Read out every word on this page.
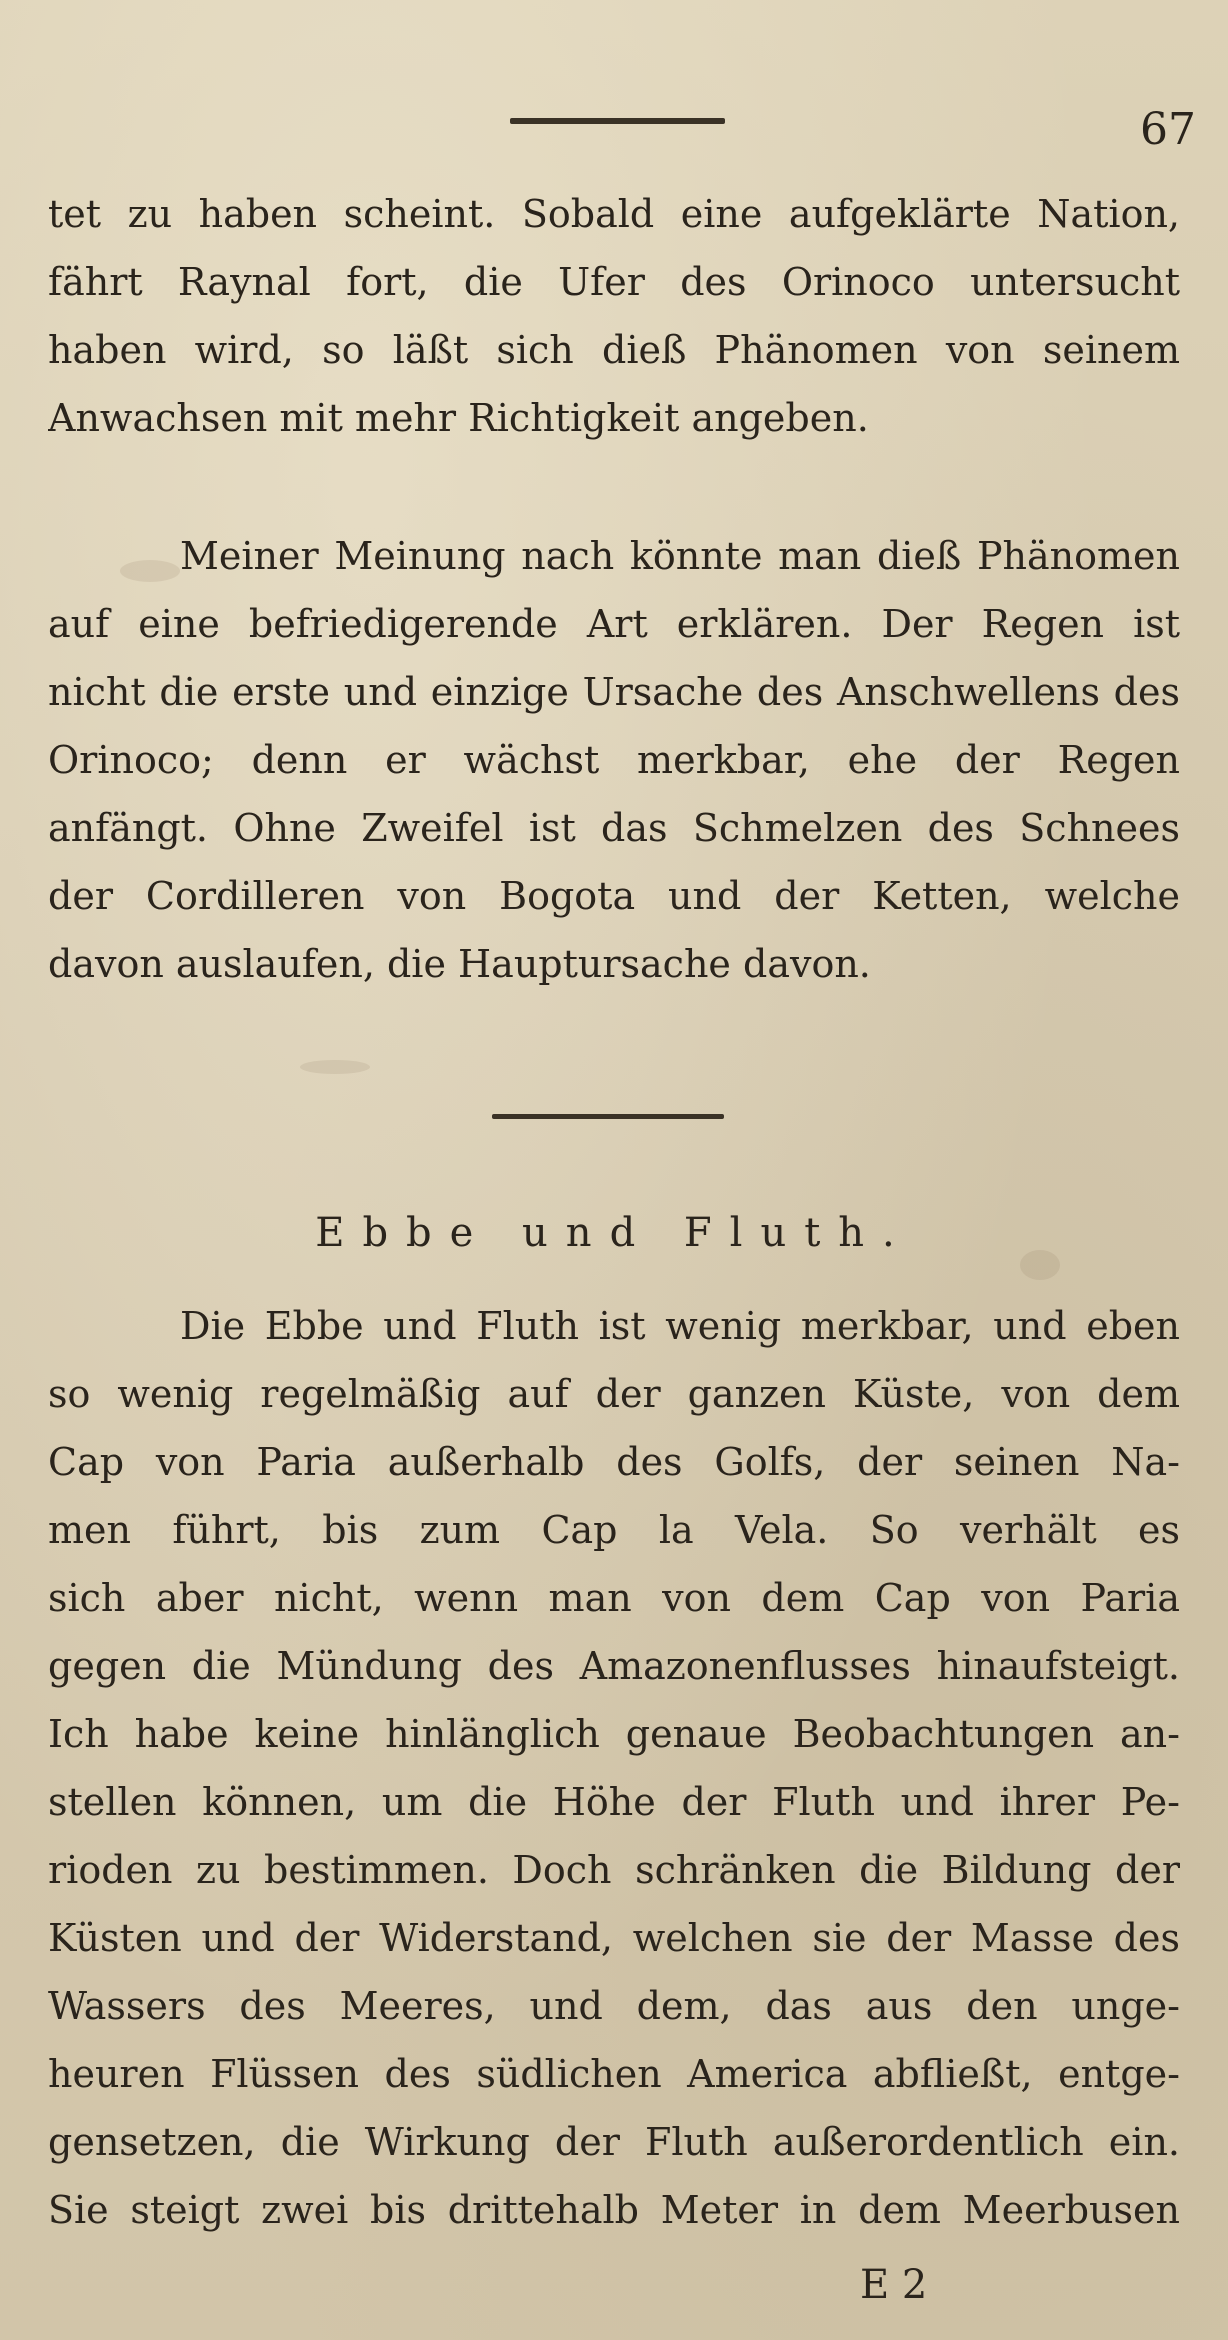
67
tet zu haben scheint. Sobald eine aufgeklärte Nation,
fährt Raynal fort, die Ufer des Orinoco untersucht
haben wird, so läßt sich dieß Phänomen von seinem
Anwachsen mit mehr Richtigkeit angeben.
Meiner Meinung nach könnte man dieß Phänomen
auf eine befriedigerende Art erklären. Der Regen ist
nicht die erste und einzige Ursache des Anschwellens des
Orinoco; denn er wächst merkbar, ehe der Regen
anfängt. Ohne Zweifel ist das Schmelzen des Schnees
der Cordilleren von Bogota und der Ketten, welche
davon auslaufen, die Hauptursache davon.
Ebbe und Fluth.
Die Ebbe und Fluth ist wenig merkbar, und eben
so wenig regelmäßig auf der ganzen Küste, von dem
Cap von Paria außerhalb des Golfs, der seinen Na-
men führt, bis zum Cap la Vela. So verhält es
sich aber nicht, wenn man von dem Cap von Paria
gegen die Mündung des Amazonenflusses hinaufsteigt.
Ich habe keine hinlänglich genaue Beobachtungen an-
stellen können, um die Höhe der Fluth und ihrer Pe-
rioden zu bestimmen. Doch schränken die Bildung der
Küsten und der Widerstand, welchen sie der Masse des
Wassers des Meeres, und dem, das aus den unge-
heuren Flüssen des südlichen America abfließt, entge-
gensetzen, die Wirkung der Fluth außerordentlich ein.
Sie steigt zwei bis drittehalb Meter in dem Meerbusen
E 2
